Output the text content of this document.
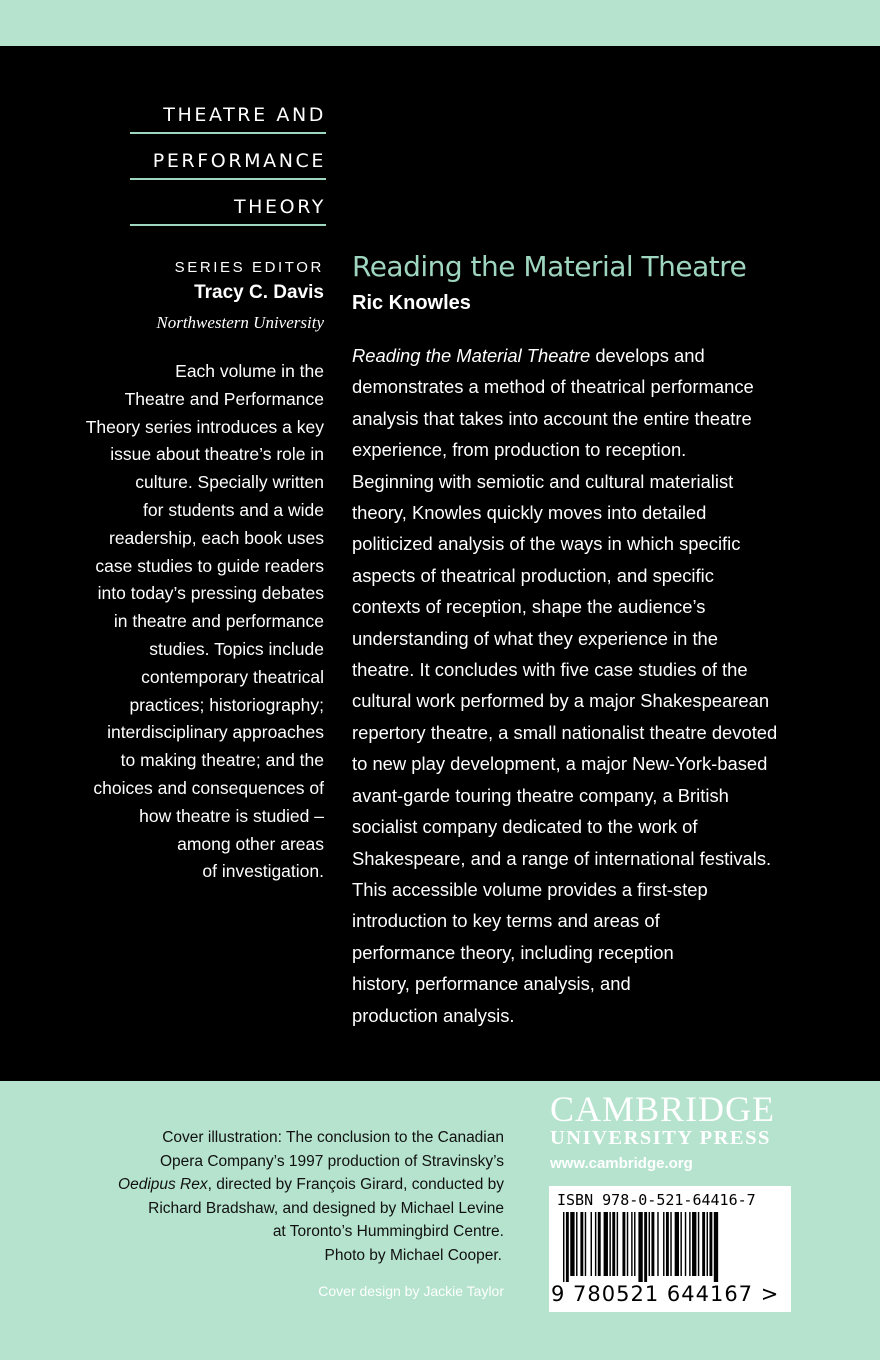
THEATRE AND
PERFORMANCE
THEORY
SERIES EDITOR
Tracy C. Davis
Northwestern University
Each volume in the
Theatre and Performance
Theory series introduces a key
issue about theatre’s role in
culture. Specially written
for students and a wide
readership, each book uses
case studies to guide readers
into today’s pressing debates
in theatre and performance
studies. Topics include
contemporary theatrical
practices; historiography;
interdisciplinary approaches
to making theatre; and the
choices and consequences of
how theatre is studied –
among other areas
of investigation.
Reading the Material Theatre
Ric Knowles
Reading the Material Theatre develops and
demonstrates a method of theatrical performance
analysis that takes into account the entire theatre
experience, from production to reception.
Beginning with semiotic and cultural materialist
theory, Knowles quickly moves into detailed
politicized analysis of the ways in which specific
aspects of theatrical production, and specific
contexts of reception, shape the audience’s
understanding of what they experience in the
theatre. It concludes with five case studies of the
cultural work performed by a major Shakespearean
repertory theatre, a small nationalist theatre devoted
to new play development, a major New-York-based
avant-garde touring theatre company, a British
socialist company dedicated to the work of
Shakespeare, and a range of international festivals.
This accessible volume provides a first-step
introduction to key terms and areas of
performance theory, including reception
history, performance analysis, and
production analysis.
Cover illustration: The conclusion to the Canadian
Opera Company’s 1997 production of Stravinsky’s
Oedipus Rex, directed by François Girard, conducted by
Richard Bradshaw, and designed by Michael Levine
at Toronto’s Hummingbird Centre.
Photo by Michael Cooper.
Cover design by Jackie Taylor
CAMBRIDGE
UNIVERSITY PRESS
www.cambridge.org
ISBN 978-0-521-64416-7
9 780521 644167 >
